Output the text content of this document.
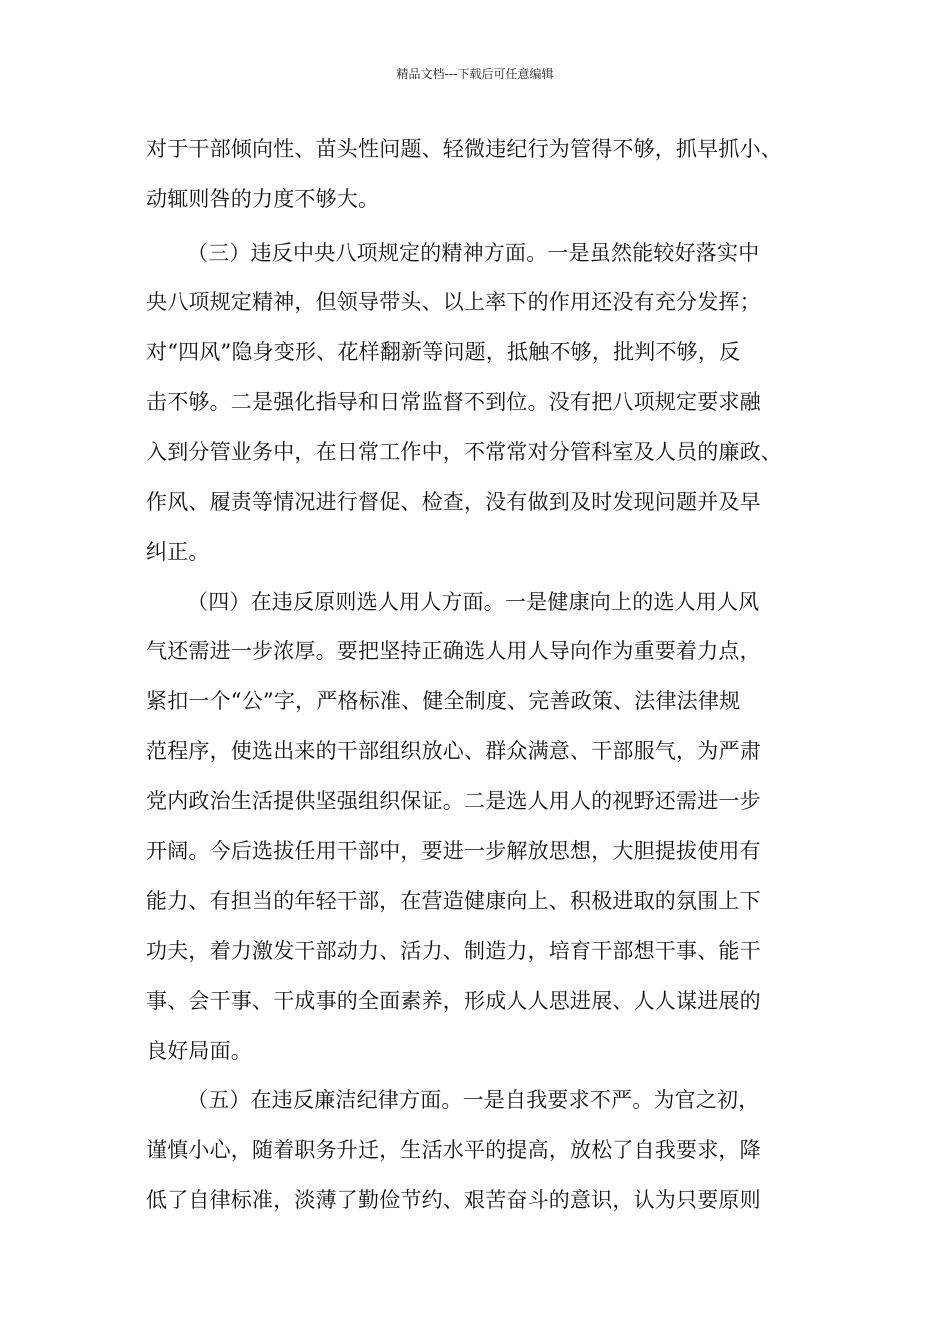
精品文档---下载后可任意编辑
对于干部倾向性、苗头性问题、轻微违纪行为管得不够，抓早抓小、
动辄则咎的力度不够大。
（三）违反中央八项规定的精神方面。一是虽然能较好落实中
央八项规定精神，但领导带头、以上率下的作用还没有充分发挥；
对“四风”隐身变形、花样翻新等问题，抵触不够，批判不够，反
击不够。二是强化指导和日常监督不到位。没有把八项规定要求融
入到分管业务中，在日常工作中，不常常对分管科室及人员的廉政、
作风、履责等情况进行督促、检查，没有做到及时发现问题并及早
纠正。
（四）在违反原则选人用人方面。一是健康向上的选人用人风
气还需进一步浓厚。要把坚持正确选人用人导向作为重要着力点，
紧扣一个“公”字，严格标准、健全制度、完善政策、法律法律规
范程序，使选出来的干部组织放心、群众满意、干部服气，为严肃
党内政治生活提供坚强组织保证。二是选人用人的视野还需进一步
开阔。今后选拔任用干部中，要进一步解放思想，大胆提拔使用有
能力、有担当的年轻干部，在营造健康向上、积极进取的氛围上下
功夫，着力激发干部动力、活力、制造力，培育干部想干事、能干
事、会干事、干成事的全面素养，形成人人思进展、人人谋进展的
良好局面。
（五）在违反廉洁纪律方面。一是自我要求不严。为官之初，
谨慎小心，随着职务升迁，生活水平的提高，放松了自我要求，降
低了自律标准，淡薄了勤俭节约、艰苦奋斗的意识，认为只要原则
